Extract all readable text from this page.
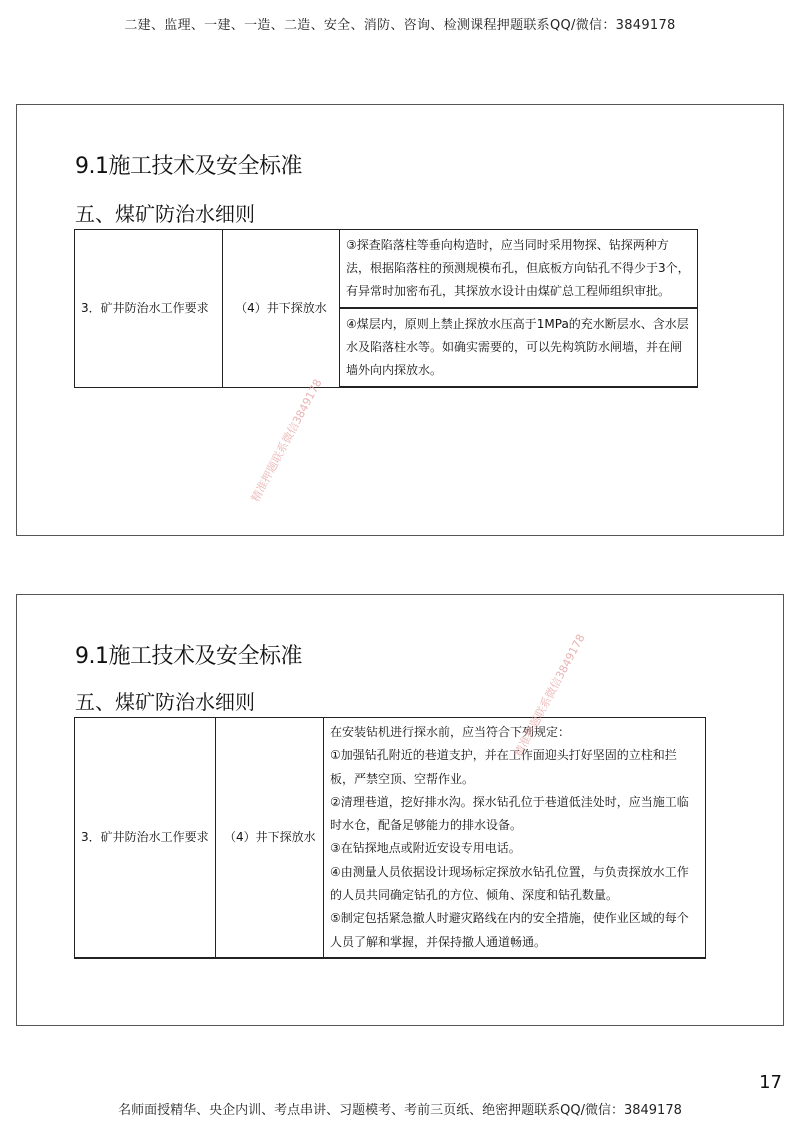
二建、监理、一建、一造、二造、安全、消防、咨询、检测课程押题联系QQ/微信：3849178
9.1施工技术及安全标准
五、煤矿防治水细则
3．矿井防治水工作要求	（4）井下探放水	③探查陷落柱等垂向构造时，应当同时采用物探、钻探两种方法，根据陷落柱的预测规模布孔，但底板方向钻孔不得少于3个，有异常时加密布孔，其探放水设计由煤矿总工程师组织审批。
④煤层内，原则上禁止探放水压高于1MPa的充水断层水、含水层水及陷落柱水等。如确实需要的，可以先构筑防水闸墙，并在闸墙外向内探放水。
精准押题联系微信3849178
9.1施工技术及安全标准
五、煤矿防治水细则
3．矿井防治水工作要求	（4）井下探放水	
在安装钻机进行探水前，应当符合下列规定：
①加强钻孔附近的巷道支护，并在工作面迎头打好坚固的立柱和拦板，严禁空顶、空帮作业。
②清理巷道，挖好排水沟。探水钻孔位于巷道低洼处时，应当施工临时水仓，配备足够能力的排水设备。
③在钻探地点或附近安设专用电话。
④由测量人员依据设计现场标定探放水钻孔位置，与负责探放水工作的人员共同确定钻孔的方位、倾角、深度和钻孔数量。
⑤制定包括紧急撤人时避灾路线在内的安全措施，使作业区域的每个人员了解和掌握，并保持撤人通道畅通。
精准押题联系微信3849178
17
名师面授精华、央企内训、考点串讲、习题模考、考前三页纸、绝密押题联系QQ/微信：3849178
